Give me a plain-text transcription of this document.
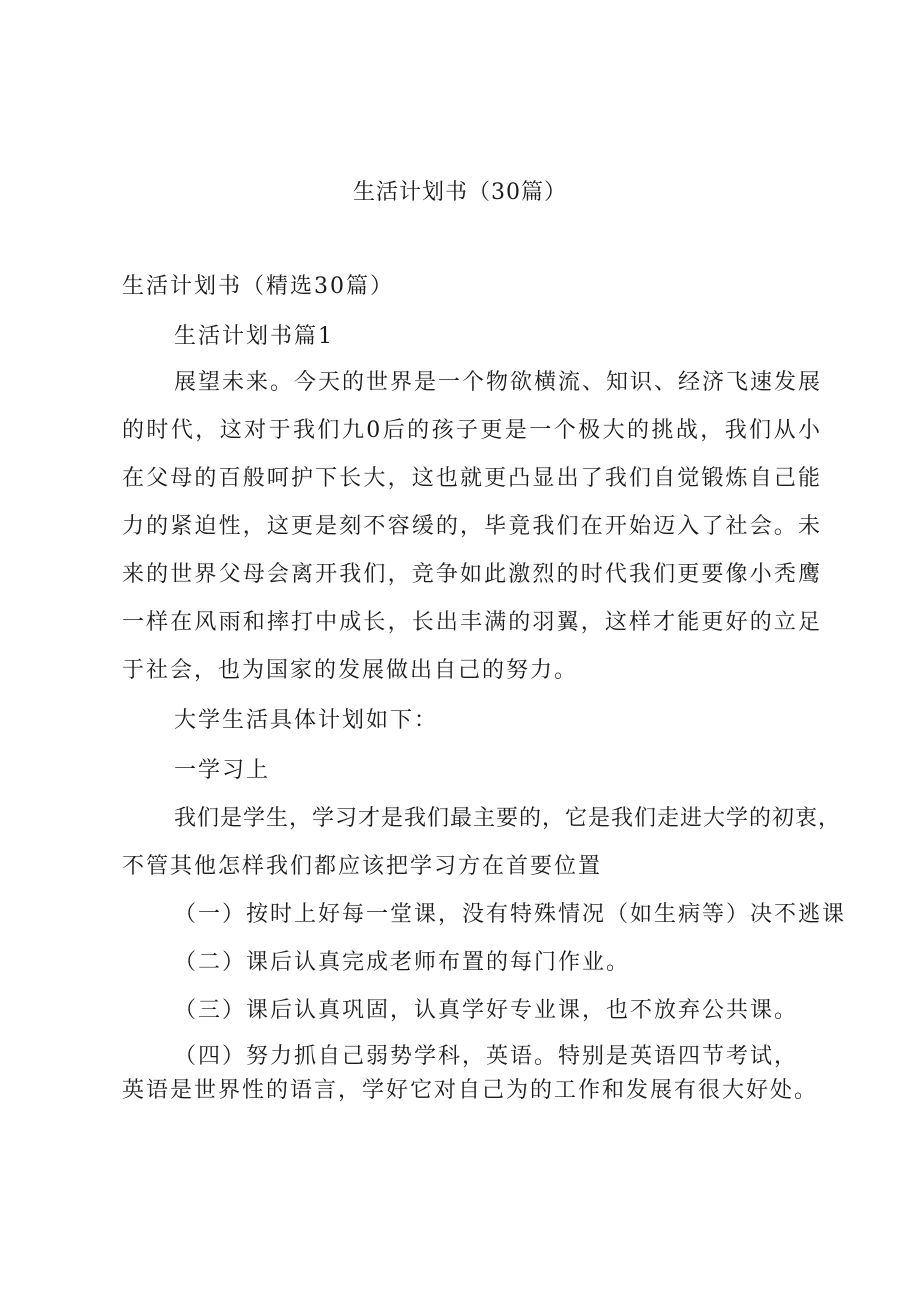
生活计划书（30篇）
生活计划书（精选30篇）
生活计划书篇1
展望未来。今天的世界是一个物欲横流、知识、经济飞速发展的时代，这对于我们九0后的孩子更是一个极大的挑战，我们从小在父母的百般呵护下长大，这也就更凸显出了我们自觉锻炼自己能力的紧迫性，这更是刻不容缓的，毕竟我们在开始迈入了社会。未来的世界父母会离开我们，竞争如此激烈的时代我们更要像小秃鹰一样在风雨和摔打中成长，长出丰满的羽翼，这样才能更好的立足于社会，也为国家的发展做出自己的努力。
大学生活具体计划如下：
一学习上
我们是学生，学习才是我们最主要的，它是我们走进大学的初衷，
不管其他怎样我们都应该把学习方在首要位置
（一）按时上好每一堂课，没有特殊情况（如生病等）决不逃课
（二）课后认真完成老师布置的每门作业。
（三）课后认真巩固，认真学好专业课，也不放弃公共课。
（四）努力抓自己弱势学科，英语。特别是英语四节考试，
英语是世界性的语言，学好它对自己为的工作和发展有很大好处。
